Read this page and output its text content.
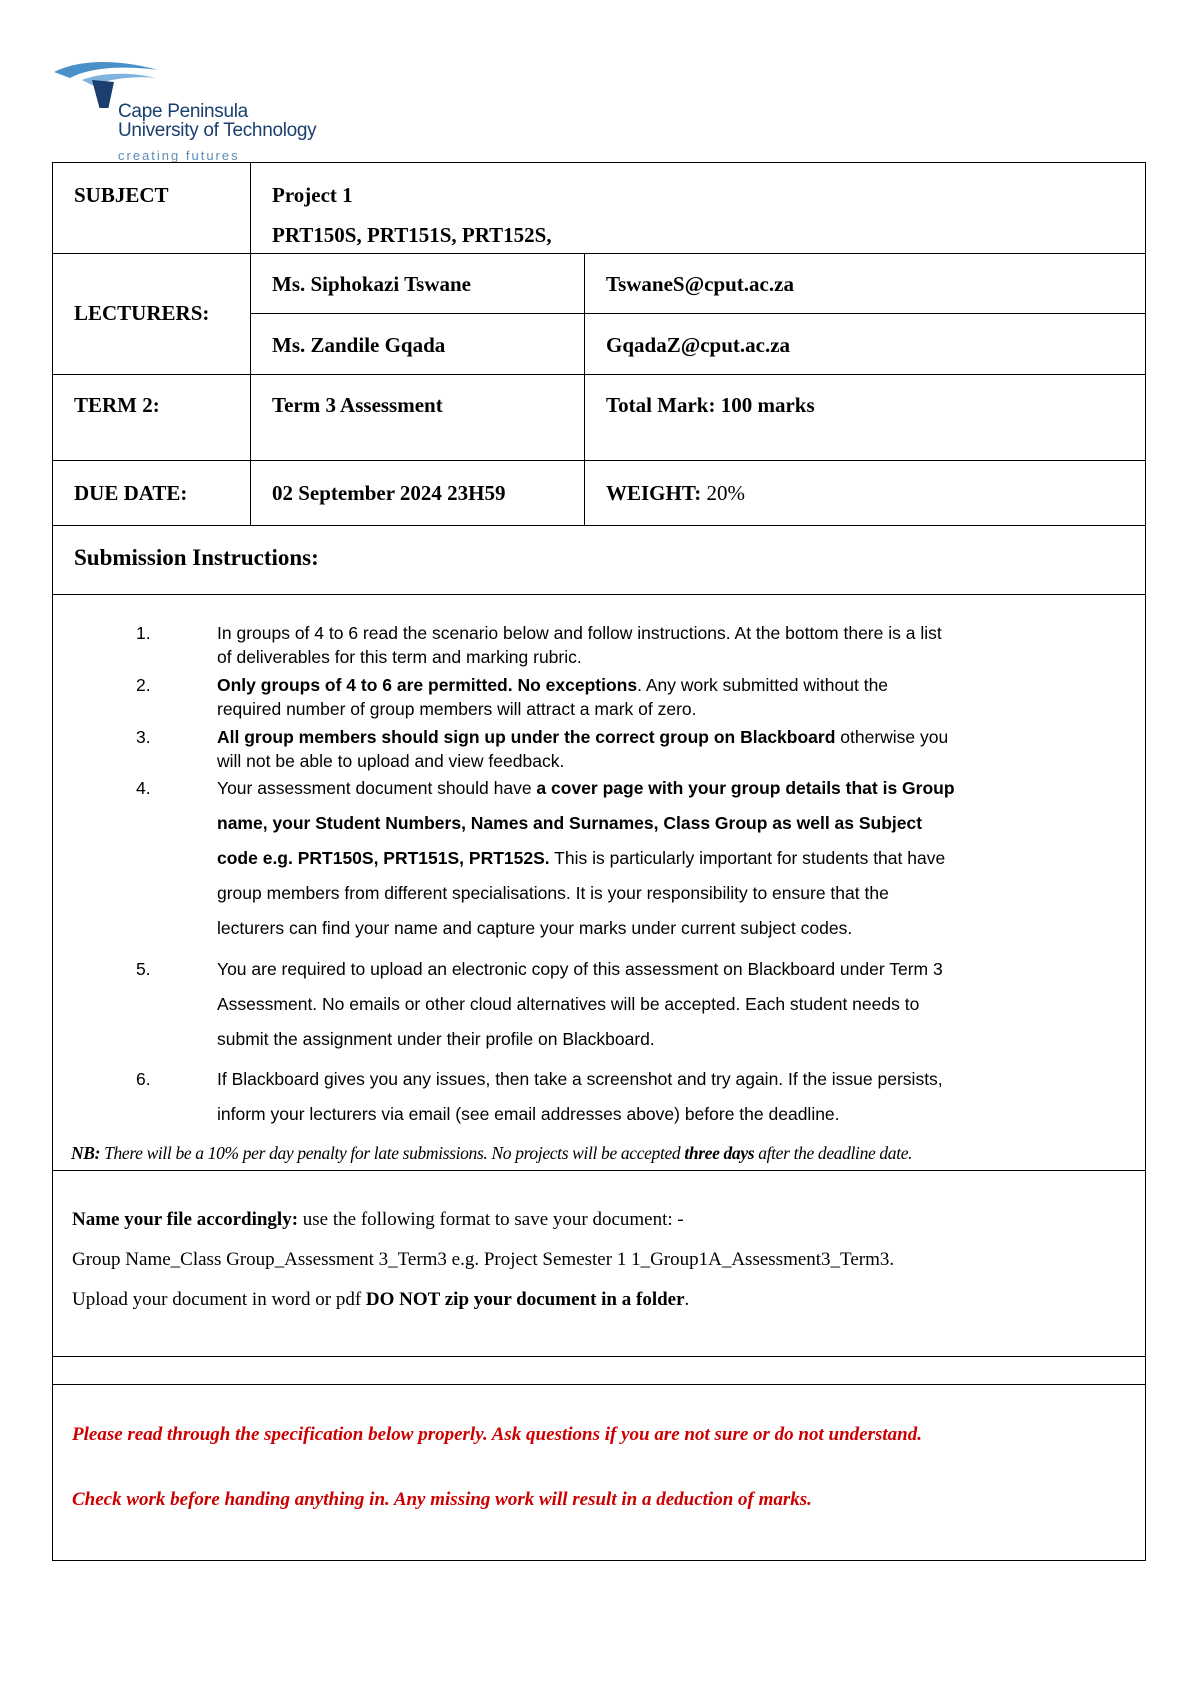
Cape Peninsula
University of Technology
creating futures
SUBJECT	Project 1
PRT150S, PRT151S, PRT152S,
LECTURERS:
Ms. Siphokazi Tswane	TswaneS@cput.ac.za
Ms. Zandile Gqada	GqadaZ@cput.ac.za
TERM 2:	Term 3 Assessment	Total Mark: 100 marks
DUE DATE:	02 September 2024 23H59	WEIGHT: 20%
Submission Instructions:
1.	In groups of 4 to 6 read the scenario below and follow instructions. At the bottom there is a list
of deliverables for this term and marking rubric.
2.	Only groups of 4 to 6 are permitted. No exceptions. Any work submitted without the
required number of group members will attract a mark of zero.
3.	All group members should sign up under the correct group on Blackboard otherwise you
will not be able to upload and view feedback.
4.	Your assessment document should have a cover page with your group details that is Group
name, your Student Numbers, Names and Surnames, Class Group as well as Subject
code e.g. PRT150S, PRT151S, PRT152S. This is particularly important for students that have
group members from different specialisations. It is your responsibility to ensure that the
lecturers can find your name and capture your marks under current subject codes.
5.	You are required to upload an electronic copy of this assessment on Blackboard under Term 3
Assessment. No emails or other cloud alternatives will be accepted. Each student needs to
submit the assignment under their profile on Blackboard.
6.	If Blackboard gives you any issues, then take a screenshot and try again. If the issue persists,
inform your lecturers via email (see email addresses above) before the deadline.
NB: There will be a 10% per day penalty for late submissions. No projects will be accepted three days after the deadline date.
Name your file accordingly: use the following format to save your document: -
Group Name_Class Group_Assessment 3_Term3 e.g. Project Semester 1 1_Group1A_Assessment3_Term3.
Upload your document in word or pdf DO NOT zip your document in a folder.
Please read through the specification below properly. Ask questions if you are not sure or do not understand.
Check work before handing anything in. Any missing work will result in a deduction of marks.
